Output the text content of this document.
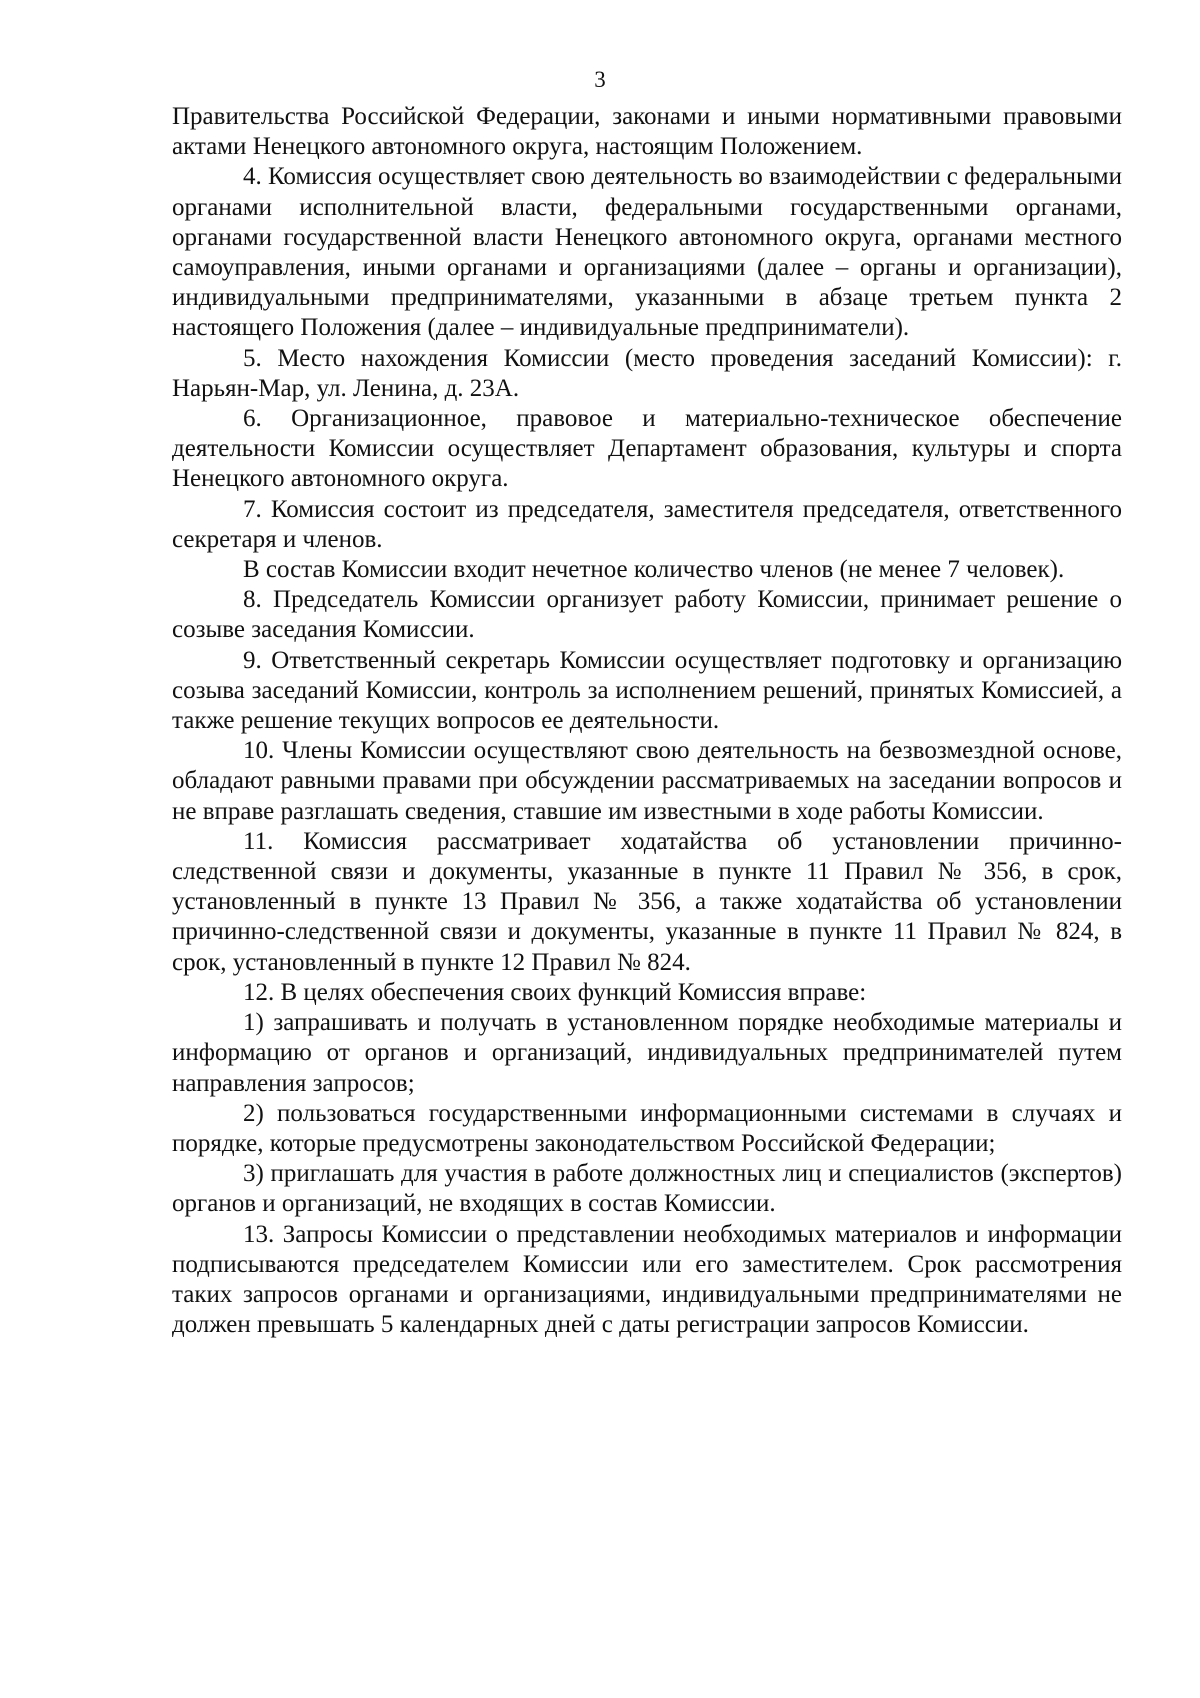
3

Правительства Российской Федерации, законами и иными нормативными правовыми актами Ненецкого автономного округа, настоящим Положением.

4. Комиссия осуществляет свою деятельность во взаимодействии с федеральными органами исполнительной власти, федеральными государственными органами, органами государственной власти Ненецкого автономного округа, органами местного самоуправления, иными органами и организациями (далее – органы и организации), индивидуальными предпринимателями, указанными в абзаце третьем пункта 2 настоящего Положения (далее – индивидуальные предприниматели).

5. Место нахождения Комиссии (место проведения заседаний Комиссии): г. Нарьян-Мар, ул. Ленина, д. 23А.

6. Организационное, правовое и материально-техническое обеспечение деятельности Комиссии осуществляет Департамент образования, культуры и спорта Ненецкого автономного округа.

7. Комиссия состоит из председателя, заместителя председателя, ответственного секретаря и членов.

В состав Комиссии входит нечетное количество членов (не менее 7 человек).

8. Председатель Комиссии организует работу Комиссии, принимает решение о созыве заседания Комиссии.

9. Ответственный секретарь Комиссии осуществляет подготовку и организацию созыва заседаний Комиссии, контроль за исполнением решений, принятых Комиссией, а также решение текущих вопросов ее деятельности.

10. Члены Комиссии осуществляют свою деятельность на безвозмездной основе, обладают равными правами при обсуждении рассматриваемых на заседании вопросов и не вправе разглашать сведения, ставшие им известными в ходе работы Комиссии.

11. Комиссия рассматривает ходатайства об установлении причинно-следственной связи и документы, указанные в пункте 11 Правил № 356, в срок, установленный в пункте 13 Правил № 356, а также ходатайства об установлении причинно-следственной связи и документы, указанные в пункте 11 Правил № 824, в срок, установленный в пункте 12 Правил № 824.

12. В целях обеспечения своих функций Комиссия вправе:

1) запрашивать и получать в установленном порядке необходимые материалы и информацию от органов и организаций, индивидуальных предпринимателей путем направления запросов;

2) пользоваться государственными информационными системами в случаях и порядке, которые предусмотрены законодательством Российской Федерации;

3) приглашать для участия в работе должностных лиц и специалистов (экспертов) органов и организаций, не входящих в состав Комиссии.

13. Запросы Комиссии о представлении необходимых материалов и информации подписываются председателем Комиссии или его заместителем. Срок рассмотрения таких запросов органами и организациями, индивидуальными предпринимателями не должен превышать 5 календарных дней с даты регистрации запросов Комиссии.
